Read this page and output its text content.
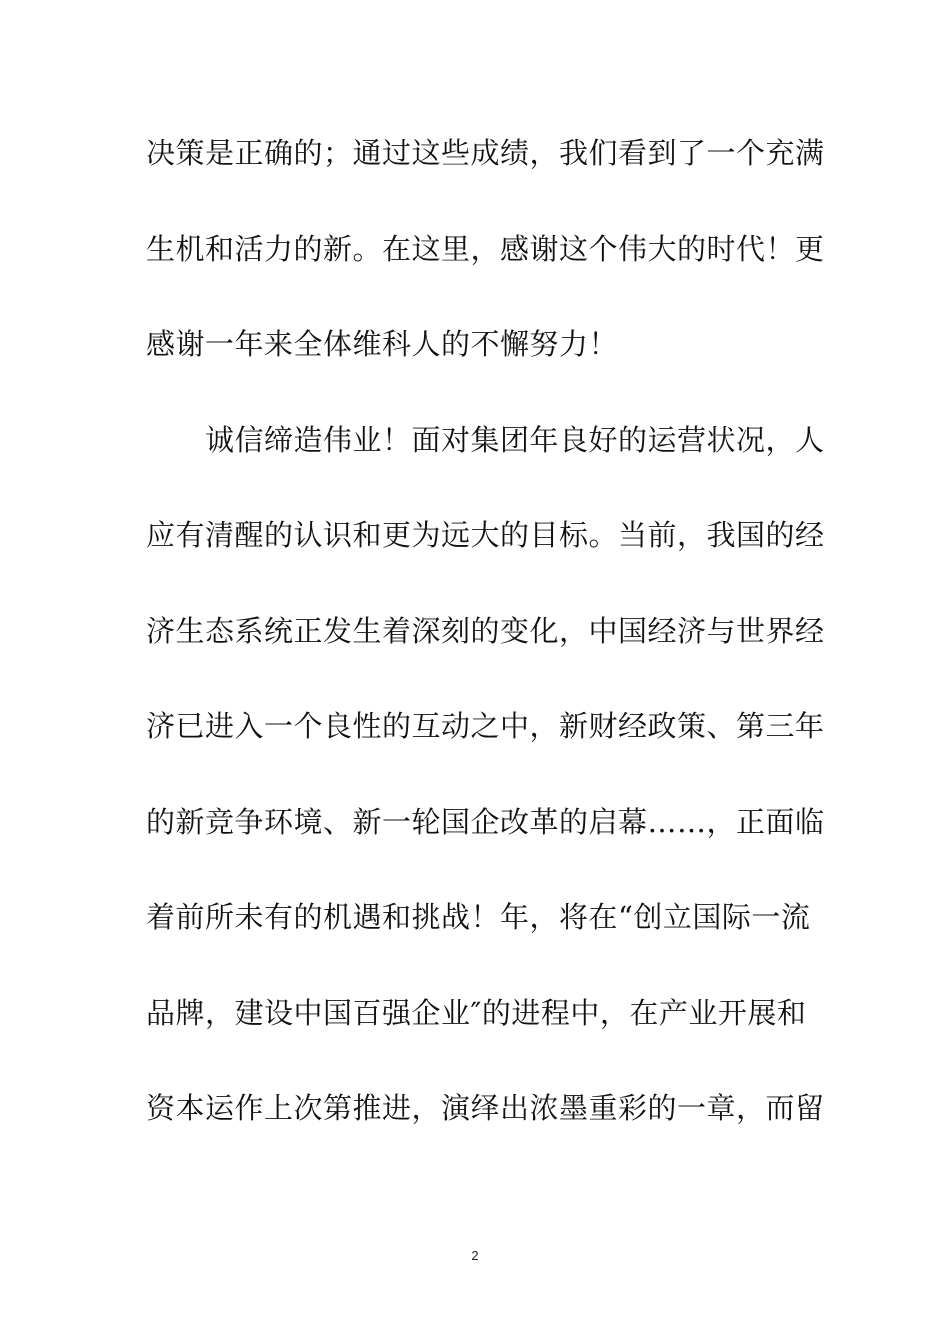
决策是正确的；通过这些成绩，我们看到了一个充满
生机和活力的新。在这里，感谢这个伟大的时代！更
感谢一年来全体维科人的不懈努力！
　　诚信缔造伟业！面对集团年良好的运营状况，人
应有清醒的认识和更为远大的目标。当前，我国的经
济生态系统正发生着深刻的变化，中国经济与世界经
济已进入一个良性的互动之中，新财经政策、第三年
的新竞争环境、新一轮国企改革的启幕……，正面临
着前所未有的机遇和挑战！年，将在“创立国际一流
品牌，建设中国百强企业″的进程中，在产业开展和
资本运作上次第推进，演绎出浓墨重彩的一章，而留
2
